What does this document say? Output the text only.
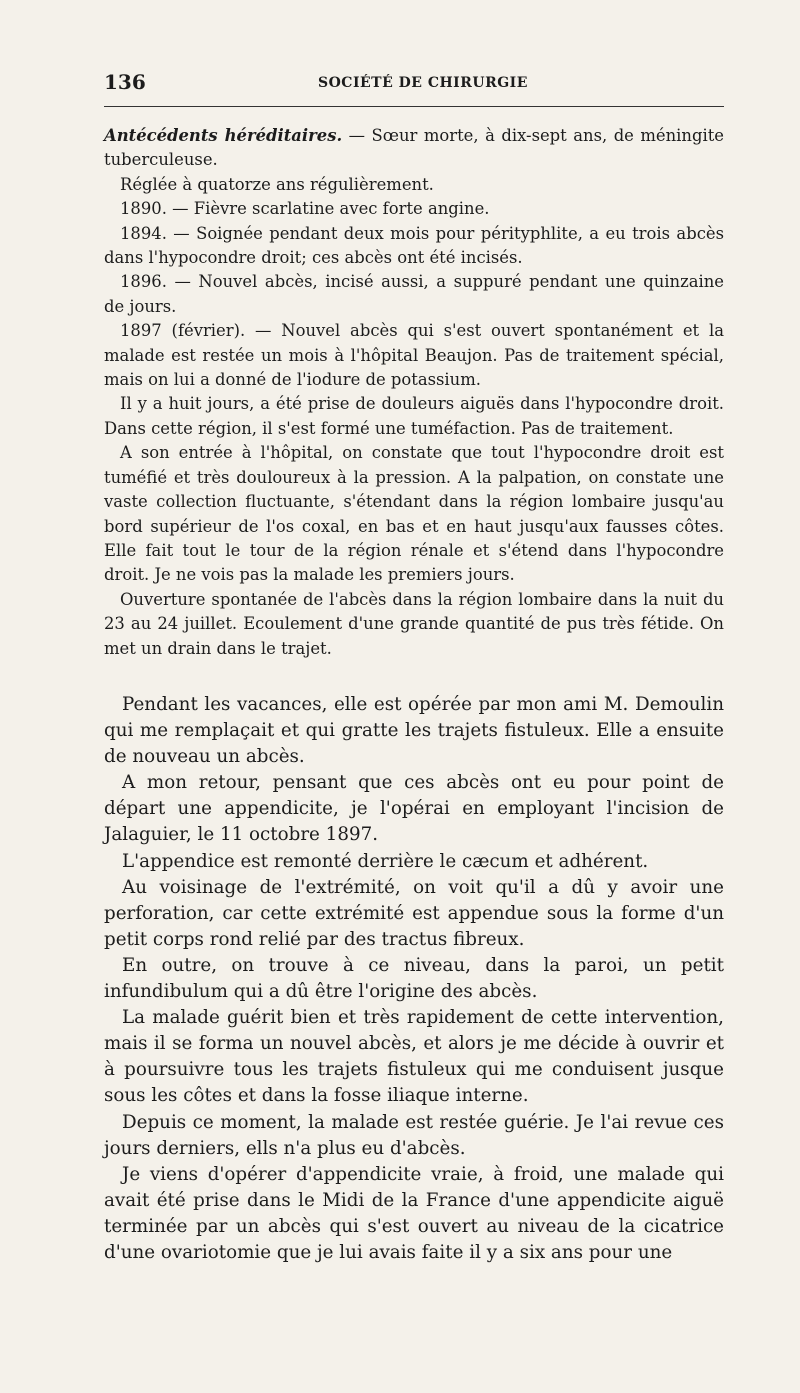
136	SOCIÉTÉ DE CHIRURGIE

Antécédents héréditaires. — Sœur morte, à dix-sept ans, de méningite tuberculeuse.

Réglée à quatorze ans régulièrement.

1890. — Fièvre scarlatine avec forte angine.

1894. — Soignée pendant deux mois pour pérityphlite, a eu trois abcès dans l'hypocondre droit; ces abcès ont été incisés.

1896. — Nouvel abcès, incisé aussi, a suppuré pendant une quinzaine de jours.

1897 (février). — Nouvel abcès qui s'est ouvert spontanément et la malade est restée un mois à l'hôpital Beaujon. Pas de traitement spécial, mais on lui a donné de l'iodure de potassium.

Il y a huit jours, a été prise de douleurs aiguës dans l'hypocondre droit. Dans cette région, il s'est formé une tuméfaction. Pas de traitement.

A son entrée à l'hôpital, on constate que tout l'hypocondre droit est tuméfié et très douloureux à la pression. A la palpation, on constate une vaste collection fluctuante, s'étendant dans la région lombaire jusqu'au bord supérieur de l'os coxal, en bas et en haut jusqu'aux fausses côtes. Elle fait tout le tour de la région rénale et s'étend dans l'hypocondre droit. Je ne vois pas la malade les premiers jours.

Ouverture spontanée de l'abcès dans la région lombaire dans la nuit du 23 au 24 juillet. Ecoulement d'une grande quantité de pus très fétide. On met un drain dans le trajet.

Pendant les vacances, elle est opérée par mon ami M. Demoulin qui me remplaçait et qui gratte les trajets fistuleux. Elle a ensuite de nouveau un abcès.

A mon retour, pensant que ces abcès ont eu pour point de départ une appendicite, je l'opérai en employant l'incision de Jalaguier, le 11 octobre 1897.

L'appendice est remonté derrière le cæcum et adhérent.

Au voisinage de l'extrémité, on voit qu'il a dû y avoir une perforation, car cette extrémité est appendue sous la forme d'un petit corps rond relié par des tractus fibreux.

En outre, on trouve à ce niveau, dans la paroi, un petit infundibulum qui a dû être l'origine des abcès.

La malade guérit bien et très rapidement de cette intervention, mais il se forma un nouvel abcès, et alors je me décide à ouvrir et à poursuivre tous les trajets fistuleux qui me conduisent jusque sous les côtes et dans la fosse iliaque interne.

Depuis ce moment, la malade est restée guérie. Je l'ai revue ces jours derniers, ells n'a plus eu d'abcès.

Je viens d'opérer d'appendicite vraie, à froid, une malade qui avait été prise dans le Midi de la France d'une appendicite aiguë terminée par un abcès qui s'est ouvert au niveau de la cicatrice d'une ovariotomie que je lui avais faite il y a six ans pour une
